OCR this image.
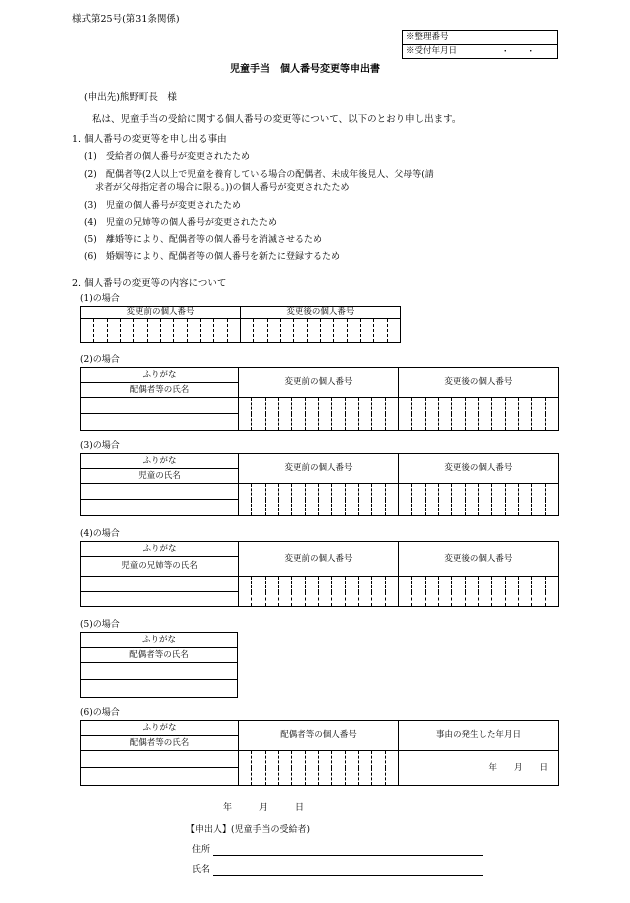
様式第25号(第31条関係)
※整理番号
※受付年月日	・　　・
児童手当　個人番号変更等申出書
(申出先)熊野町長　様
私は、児童手当の受給に関する個人番号の変更等について、以下のとおり申し出ます。
1. 個人番号の変更等を申し出る事由
(1) 受給者の個人番号が変更されたため
(2) 配偶者等(2人以上で児童を養育している場合の配偶者、未成年後見人、父母等(請
求者が父母指定者の場合に限る。))の個人番号が変更されたため
(3) 児童の個人番号が変更されたため
(4) 児童の兄姉等の個人番号が変更されたため
(5) 離婚等により、配偶者等の個人番号を消滅させるため
(6) 婚姻等により、配偶者等の個人番号を新たに登録するため
2. 個人番号の変更等の内容について
(1)の場合
変更前の個人番号												変更後の個人番号											

(2)の場合
ふりがな	変更前の個人番号												変更後の個人番号											
配偶者等の氏名																								

(3)の場合
ふりがな	変更前の個人番号												変更後の個人番号											
児童の氏名																								

(4)の場合
ふりがな	変更前の個人番号												変更後の個人番号											
児童の兄姉等の氏名																								

(5)の場合
ふりがな
配偶者等の氏名

(6)の場合
ふりがな	配偶者等の個人番号												事由の発生した年月日
配偶者等の氏名													
													年　　月　　日

年　　　月　　　日
【申出人】(児童手当の受給者)
住所
氏名
